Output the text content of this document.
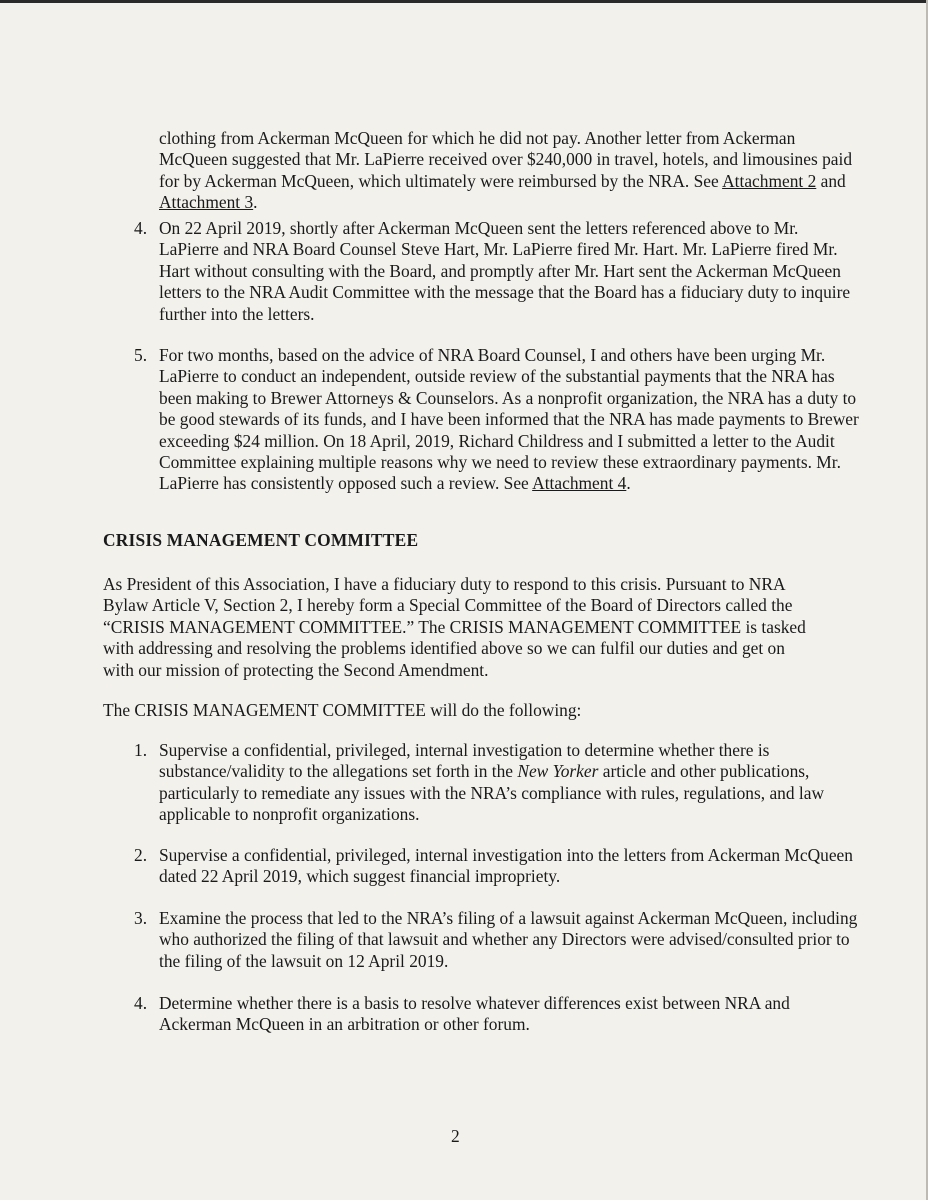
clothing from Ackerman McQueen for which he did not pay. Another letter from Ackerman McQueen suggested that Mr. LaPierre received over $240,000 in travel, hotels, and limousines paid for by Ackerman McQueen, which ultimately were reimbursed by the NRA. See Attachment 2 and Attachment 3.

4. On 22 April 2019, shortly after Ackerman McQueen sent the letters referenced above to Mr. LaPierre and NRA Board Counsel Steve Hart, Mr. LaPierre fired Mr. Hart. Mr. LaPierre fired Mr. Hart without consulting with the Board, and promptly after Mr. Hart sent the Ackerman McQueen letters to the NRA Audit Committee with the message that the Board has a fiduciary duty to inquire further into the letters.

5. For two months, based on the advice of NRA Board Counsel, I and others have been urging Mr. LaPierre to conduct an independent, outside review of the substantial payments that the NRA has been making to Brewer Attorneys & Counselors. As a nonprofit organization, the NRA has a duty to be good stewards of its funds, and I have been informed that the NRA has made payments to Brewer exceeding $24 million. On 18 April, 2019, Richard Childress and I submitted a letter to the Audit Committee explaining multiple reasons why we need to review these extraordinary payments. Mr. LaPierre has consistently opposed such a review. See Attachment 4.

CRISIS MANAGEMENT COMMITTEE

As President of this Association, I have a fiduciary duty to respond to this crisis. Pursuant to NRA Bylaw Article V, Section 2, I hereby form a Special Committee of the Board of Directors called the “CRISIS MANAGEMENT COMMITTEE.” The CRISIS MANAGEMENT COMMITTEE is tasked with addressing and resolving the problems identified above so we can fulfil our duties and get on with our mission of protecting the Second Amendment.

The CRISIS MANAGEMENT COMMITTEE will do the following:

1. Supervise a confidential, privileged, internal investigation to determine whether there is substance/validity to the allegations set forth in the New Yorker article and other publications, particularly to remediate any issues with the NRA’s compliance with rules, regulations, and law applicable to nonprofit organizations.

2. Supervise a confidential, privileged, internal investigation into the letters from Ackerman McQueen dated 22 April 2019, which suggest financial impropriety.

3. Examine the process that led to the NRA’s filing of a lawsuit against Ackerman McQueen, including who authorized the filing of that lawsuit and whether any Directors were advised/consulted prior to the filing of the lawsuit on 12 April 2019.

4. Determine whether there is a basis to resolve whatever differences exist between NRA and Ackerman McQueen in an arbitration or other forum.

2
